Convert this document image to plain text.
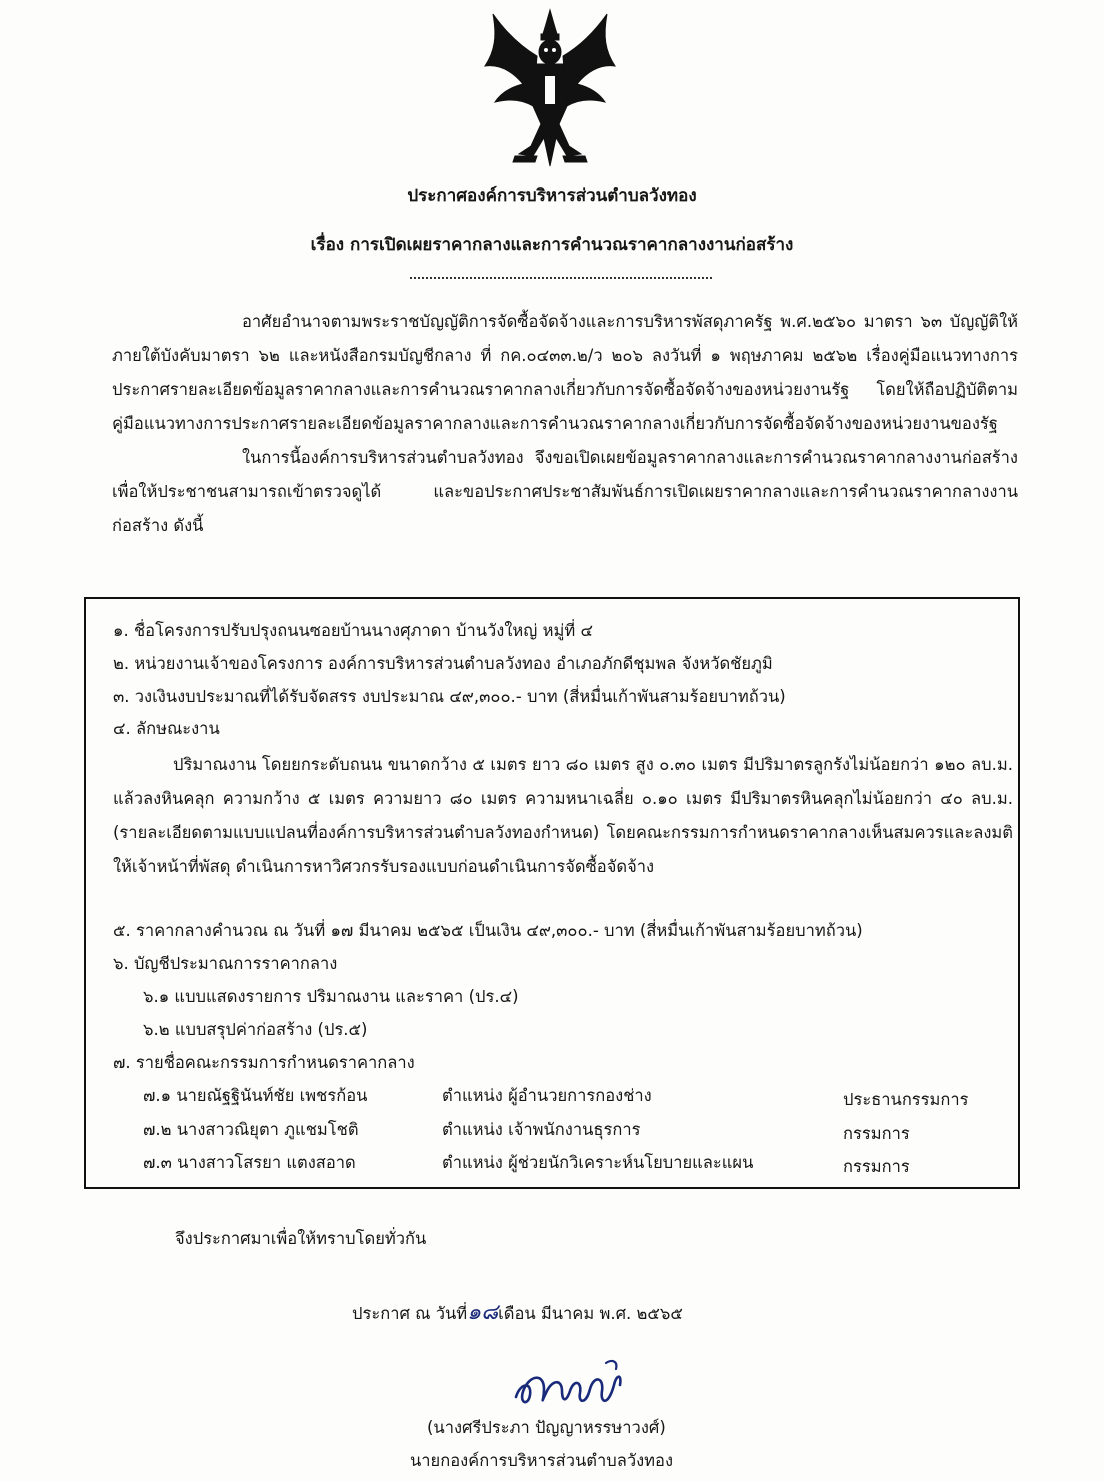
ประกาศองค์การบริหารส่วนตำบลวังทอง
เรื่อง การเปิดเผยราคากลางและการคำนวณราคากลางงานก่อสร้าง

อาศัยอำนาจตามพระราชบัญญัติการจัดซื้อจัดจ้างและการบริหารพัสดุภาครัฐ พ.ศ.๒๕๖๐ มาตรา ๖๓ บัญญัติให้ภายใต้บังคับมาตรา ๖๒ และหนังสือกรมบัญชีกลาง ที่ กค.๐๔๓๓.๒/ว ๒๐๖ ลงวันที่ ๑ พฤษภาคม ๒๕๖๒ เรื่องคู่มือแนวทางการประกาศรายละเอียดข้อมูลราคากลางและการคำนวณราคากลางเกี่ยวกับการจัดซื้อจัดจ้างของหน่วยงานรัฐ โดยให้ถือปฏิบัติตามคู่มือแนวทางการประกาศรายละเอียดข้อมูลราคากลางและการคำนวณราคากลางเกี่ยวกับการจัดซื้อจัดจ้างของหน่วยงานของรัฐ

ในการนี้องค์การบริหารส่วนตำบลวังทอง จึงขอเปิดเผยข้อมูลราคากลางและการคำนวณราคากลางงานก่อสร้าง เพื่อให้ประชาชนสามารถเข้าตรวจดูได้ และขอประกาศประชาสัมพันธ์การเปิดเผยราคากลางและการคำนวณราคากลางงานก่อสร้าง ดังนี้

๑. ชื่อโครงการปรับปรุงถนนซอยบ้านนางศุภาดา บ้านวังใหญ่ หมู่ที่ ๔
๒. หน่วยงานเจ้าของโครงการ องค์การบริหารส่วนตำบลวังทอง อำเภอภักดีชุมพล จังหวัดชัยภูมิ
๓. วงเงินงบประมาณที่ได้รับจัดสรร งบประมาณ ๔๙,๓๐๐.- บาท (สี่หมื่นเก้าพันสามร้อยบาทถ้วน)
๔. ลักษณะงาน

ปริมาณงาน โดยยกระดับถนน ขนาดกว้าง ๕ เมตร ยาว ๘๐ เมตร สูง ๐.๓๐ เมตร มีปริมาตรลูกรังไม่น้อยกว่า ๑๒๐ ลบ.ม. แล้วลงหินคลุก ความกว้าง ๕ เมตร ความยาว ๘๐ เมตร ความหนาเฉลี่ย ๐.๑๐ เมตร มีปริมาตรหินคลุกไม่น้อยกว่า ๔๐ ลบ.ม. (รายละเอียดตามแบบแปลนที่องค์การบริหารส่วนตำบลวังทองกำหนด) โดยคณะกรรมการกำหนดราคากลางเห็นสมควรและลงมติให้เจ้าหน้าที่พัสดุ ดำเนินการหาวิศวกรรับรองแบบก่อนดำเนินการจัดซื้อจัดจ้าง

๕. ราคากลางคำนวณ ณ วันที่ ๑๗ มีนาคม ๒๕๖๕ เป็นเงิน ๔๙,๓๐๐.- บาท (สี่หมื่นเก้าพันสามร้อยบาทถ้วน)
๖. บัญชีประมาณการราคากลาง
๖.๑ แบบแสดงรายการ ปริมาณงาน และราคา (ปร.๔)
๖.๒ แบบสรุปค่าก่อสร้าง (ปร.๕)
๗. รายชื่อคณะกรรมการกำหนดราคากลาง
๗.๑ นายณัฐฐินันท์ชัย เพชรก้อน	ตำแหน่ง ผู้อำนวยการกองช่าง	ประธานกรรมการ
๗.๒ นางสาวณิยุตา ภูแชมโชติ	ตำแหน่ง เจ้าพนักงานธุรการ	กรรมการ
๗.๓ นางสาวโสรยา แตงสอาด	ตำแหน่ง ผู้ช่วยนักวิเคราะห์นโยบายและแผน	กรรมการ
จึงประกาศมาเพื่อให้ทราบโดยทั่วกัน
ประกาศ ณ วันที่๑๘เดือน มีนาคม พ.ศ. ๒๕๖๕
(นางศรีประภา ปัญญาหรรษาวงศ์)
นายกองค์การบริหารส่วนตำบลวังทอง
